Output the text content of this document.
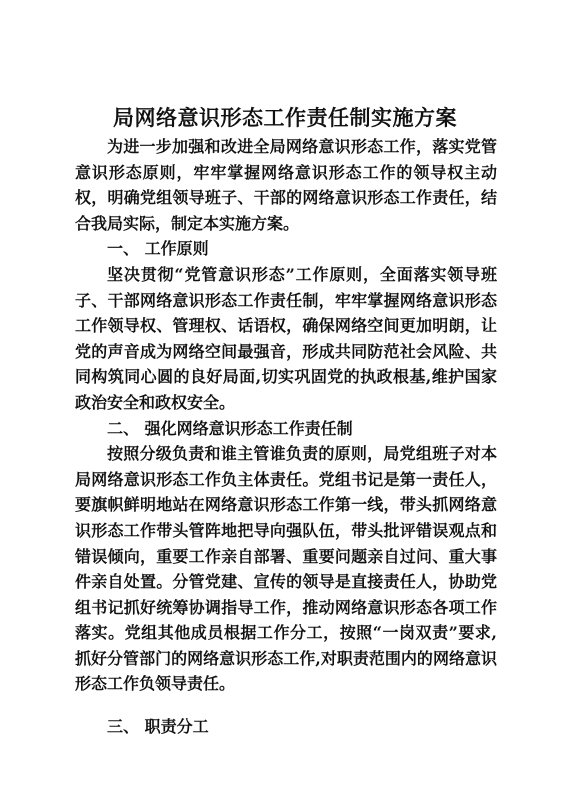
局网络意识形态工作责任制实施方案

为进一步加强和改进全局网络意识形态工作，落实党管意识形态原则，牢牢掌握网络意识形态工作的领导权主动权，明确党组领导班子、干部的网络意识形态工作责任，结合我局实际，制定本实施方案。

一、 工作原则

坚决贯彻“党管意识形态”工作原则，全面落实领导班子、干部网络意识形态工作责任制，牢牢掌握网络意识形态工作领导权、管理权、话语权，确保网络空间更加明朗，让党的声音成为网络空间最强音，形成共同防范社会风险、共同构筑同心圆的良好局面,切实巩固党的执政根基,维护国家政治安全和政权安全。

二、 强化网络意识形态工作责任制

按照分级负责和谁主管谁负责的原则，局党组班子对本局网络意识形态工作负主体责任。党组书记是第一责任人，要旗帜鲜明地站在网络意识形态工作第一线，带头抓网络意识形态工作带头管阵地把导向强队伍，带头批评错误观点和错误倾向，重要工作亲自部署、重要问题亲自过问、重大事件亲自处置。分管党建、宣传的领导是直接责任人，协助党组书记抓好统筹协调指导工作，推动网络意识形态各项工作落实。党组其他成员根据工作分工，按照“一岗双责”要求,抓好分管部门的网络意识形态工作,对职责范围内的网络意识形态工作负领导责任。

三、 职责分工
